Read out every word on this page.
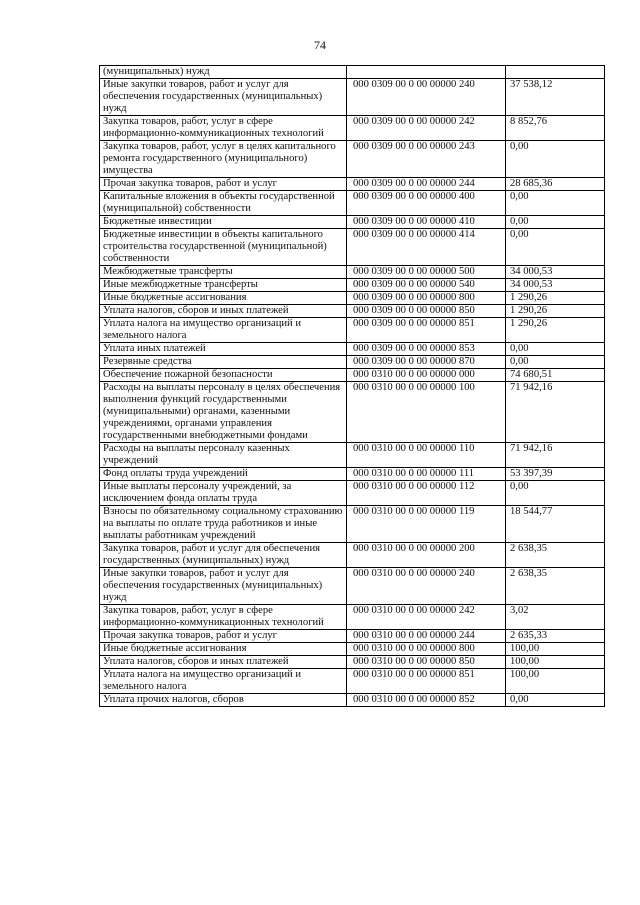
74
(муниципальных) нужд		
Иные закупки товаров, работ и услуг для обеспечения государственных (муниципальных) нужд	000 0309 00 0 00 00000 240	37 538,12
Закупка товаров, работ, услуг в сфере информационно-коммуникационных технологий	000 0309 00 0 00 00000 242	8 852,76
Закупка товаров, работ, услуг в целях капитального ремонта государственного (муниципального) имущества	000 0309 00 0 00 00000 243	0,00
Прочая закупка товаров, работ и услуг	000 0309 00 0 00 00000 244	28 685,36
Капитальные вложения в объекты государственной (муниципальной) собственности	000 0309 00 0 00 00000 400	0,00
Бюджетные инвестиции	000 0309 00 0 00 00000 410	0,00
Бюджетные инвестиции в объекты капитального строительства государственной (муниципальной) собственности	000 0309 00 0 00 00000 414	0,00
Межбюджетные трансферты	000 0309 00 0 00 00000 500	34 000,53
Иные межбюджетные трансферты	000 0309 00 0 00 00000 540	34 000,53
Иные бюджетные ассигнования	000 0309 00 0 00 00000 800	1 290,26
Уплата налогов, сборов и иных платежей	000 0309 00 0 00 00000 850	1 290,26
Уплата налога на имущество организаций и земельного налога	000 0309 00 0 00 00000 851	1 290,26
Уплата иных платежей	000 0309 00 0 00 00000 853	0,00
Резервные средства	000 0309 00 0 00 00000 870	0,00
Обеспечение пожарной безопасности	000 0310 00 0 00 00000 000	74 680,51
Расходы на выплаты персоналу в целях обеспечения выполнения функций государственными (муниципальными) органами, казенными учреждениями, органами управления государственными внебюджетными фондами	000 0310 00 0 00 00000 100	71 942,16
Расходы на выплаты персоналу казенных учреждений	000 0310 00 0 00 00000 110	71 942,16
Фонд оплаты труда учреждений	000 0310 00 0 00 00000 111	53 397,39
Иные выплаты персоналу учреждений, за исключением фонда оплаты труда	000 0310 00 0 00 00000 112	0,00
Взносы по обязательному социальному страхованию на выплаты по оплате труда работников и иные выплаты работникам учреждений	000 0310 00 0 00 00000 119	18 544,77
Закупка товаров, работ и услуг для обеспечения государственных (муниципальных) нужд	000 0310 00 0 00 00000 200	2 638,35
Иные закупки товаров, работ и услуг для обеспечения государственных (муниципальных) нужд	000 0310 00 0 00 00000 240	2 638,35
Закупка товаров, работ, услуг в сфере информационно-коммуникационных технологий	000 0310 00 0 00 00000 242	3,02
Прочая закупка товаров, работ и услуг	000 0310 00 0 00 00000 244	2 635,33
Иные бюджетные ассигнования	000 0310 00 0 00 00000 800	100,00
Уплата налогов, сборов и иных платежей	000 0310 00 0 00 00000 850	100,00
Уплата налога на имущество организаций и земельного налога	000 0310 00 0 00 00000 851	100,00
Уплата прочих налогов, сборов	000 0310 00 0 00 00000 852	0,00
